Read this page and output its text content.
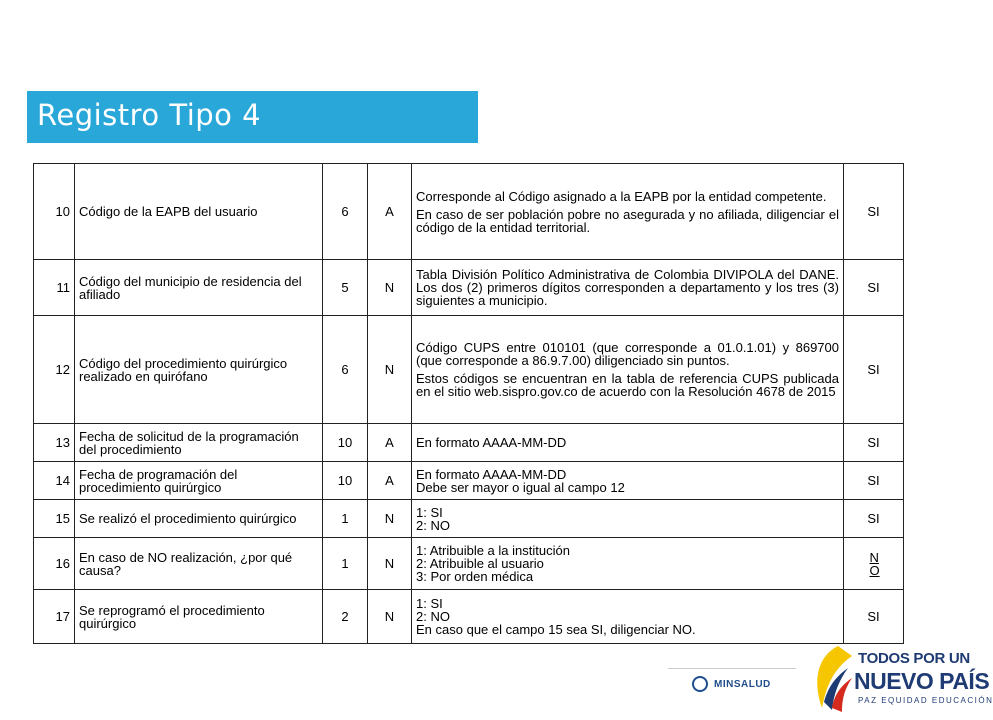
Registro Tipo 4
10	Código de la EAPB del usuario	6	A	Corresponde al Código asignado a la EAPB por la entidad competente.
En caso de ser población pobre no asegurada y no afiliada, diligenciar el código de la entidad territorial.	SI
11	Código del municipio de residencia del afiliado	5	N	Tabla División Político Administrativa de Colombia DIVIPOLA del DANE. Los dos (2) primeros dígitos corresponden a departamento y los tres (3) siguientes a municipio.	SI
12	Código del procedimiento quirúrgico realizado en quirófano	6	N	Código CUPS entre 010101 (que corresponde a 01.0.1.01) y 869700 (que corresponde a 86.9.7.00) diligenciado sin puntos.
Estos códigos se encuentran en la tabla de referencia CUPS publicada en el sitio web.sispro.gov.co de acuerdo con la Resolución 4678 de 2015	SI
13	Fecha de solicitud de la programación del procedimiento	10	A	En formato AAAA-MM-DD	SI
14	Fecha de programación del procedimiento quirúrgico	10	A	En formato AAAA-MM-DD
Debe ser mayor o igual al campo 12	SI
15	Se realizó el procedimiento quirúrgico	1	N	1: SI
2: NO	SI
16	En caso de NO realización, ¿por qué causa?	1	N	1: Atribuible a la institución
2: Atribuible al usuario
3: Por orden médica	NO
17	Se reprogramó el procedimiento quirúrgico	2	N	1: SI
2: NO
En caso que el campo 15 sea SI, diligenciar NO.	SI
MINSALUD
TODOS POR UN
NUEVO PAÍS
PAZ EQUIDAD EDUCACIÓN
